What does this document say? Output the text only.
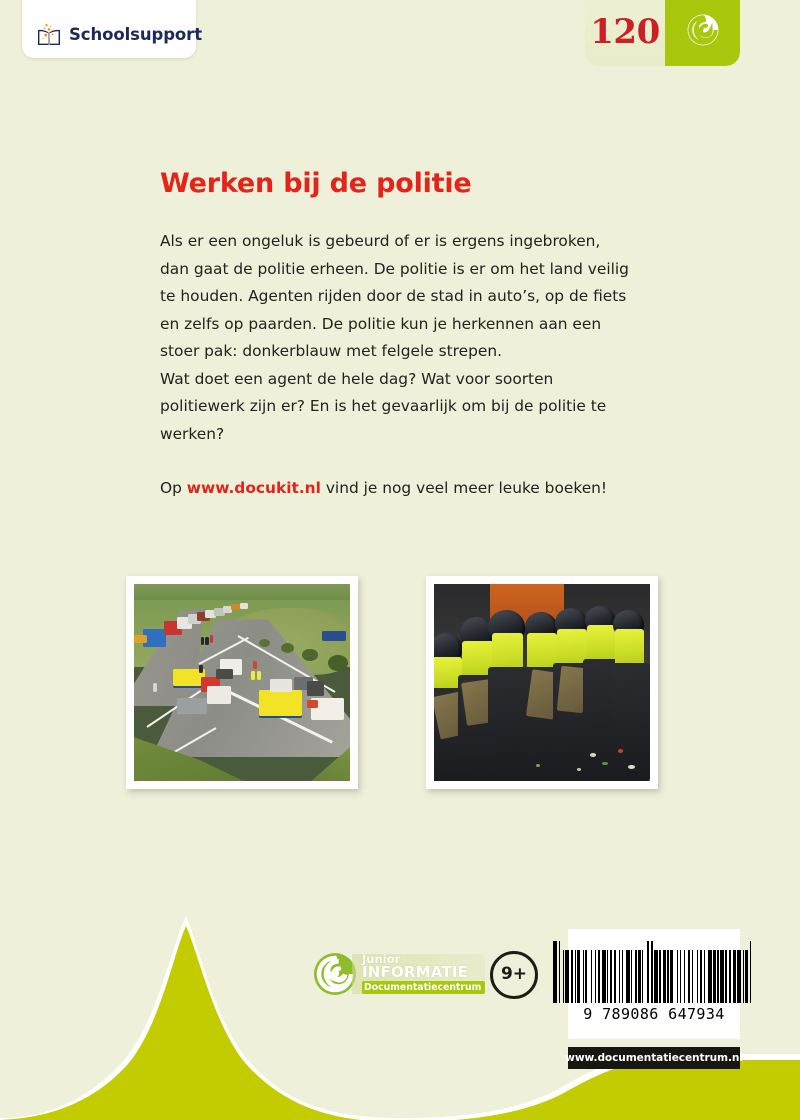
Schoolsupport	120
Werken bij de politie

Als er een ongeluk is gebeurd of er is ergens ingebroken, dan gaat de politie erheen. De politie is er om het land veilig te houden. Agenten rijden door de stad in auto’s, op de fiets en zelfs op paarden. De politie kun je herkennen aan een stoer pak: donkerblauw met felgele strepen.

Wat doet een agent de hele dag? Wat voor soorten politiewerk zijn er? En is het gevaarlijk om bij de politie te werken?

Op www.docukit.nl vind je nog veel meer leuke boeken!

Junior
INFORMATIE
Documentatiecentrum
9+
9 789086 647934
www.documentatiecentrum.nl
